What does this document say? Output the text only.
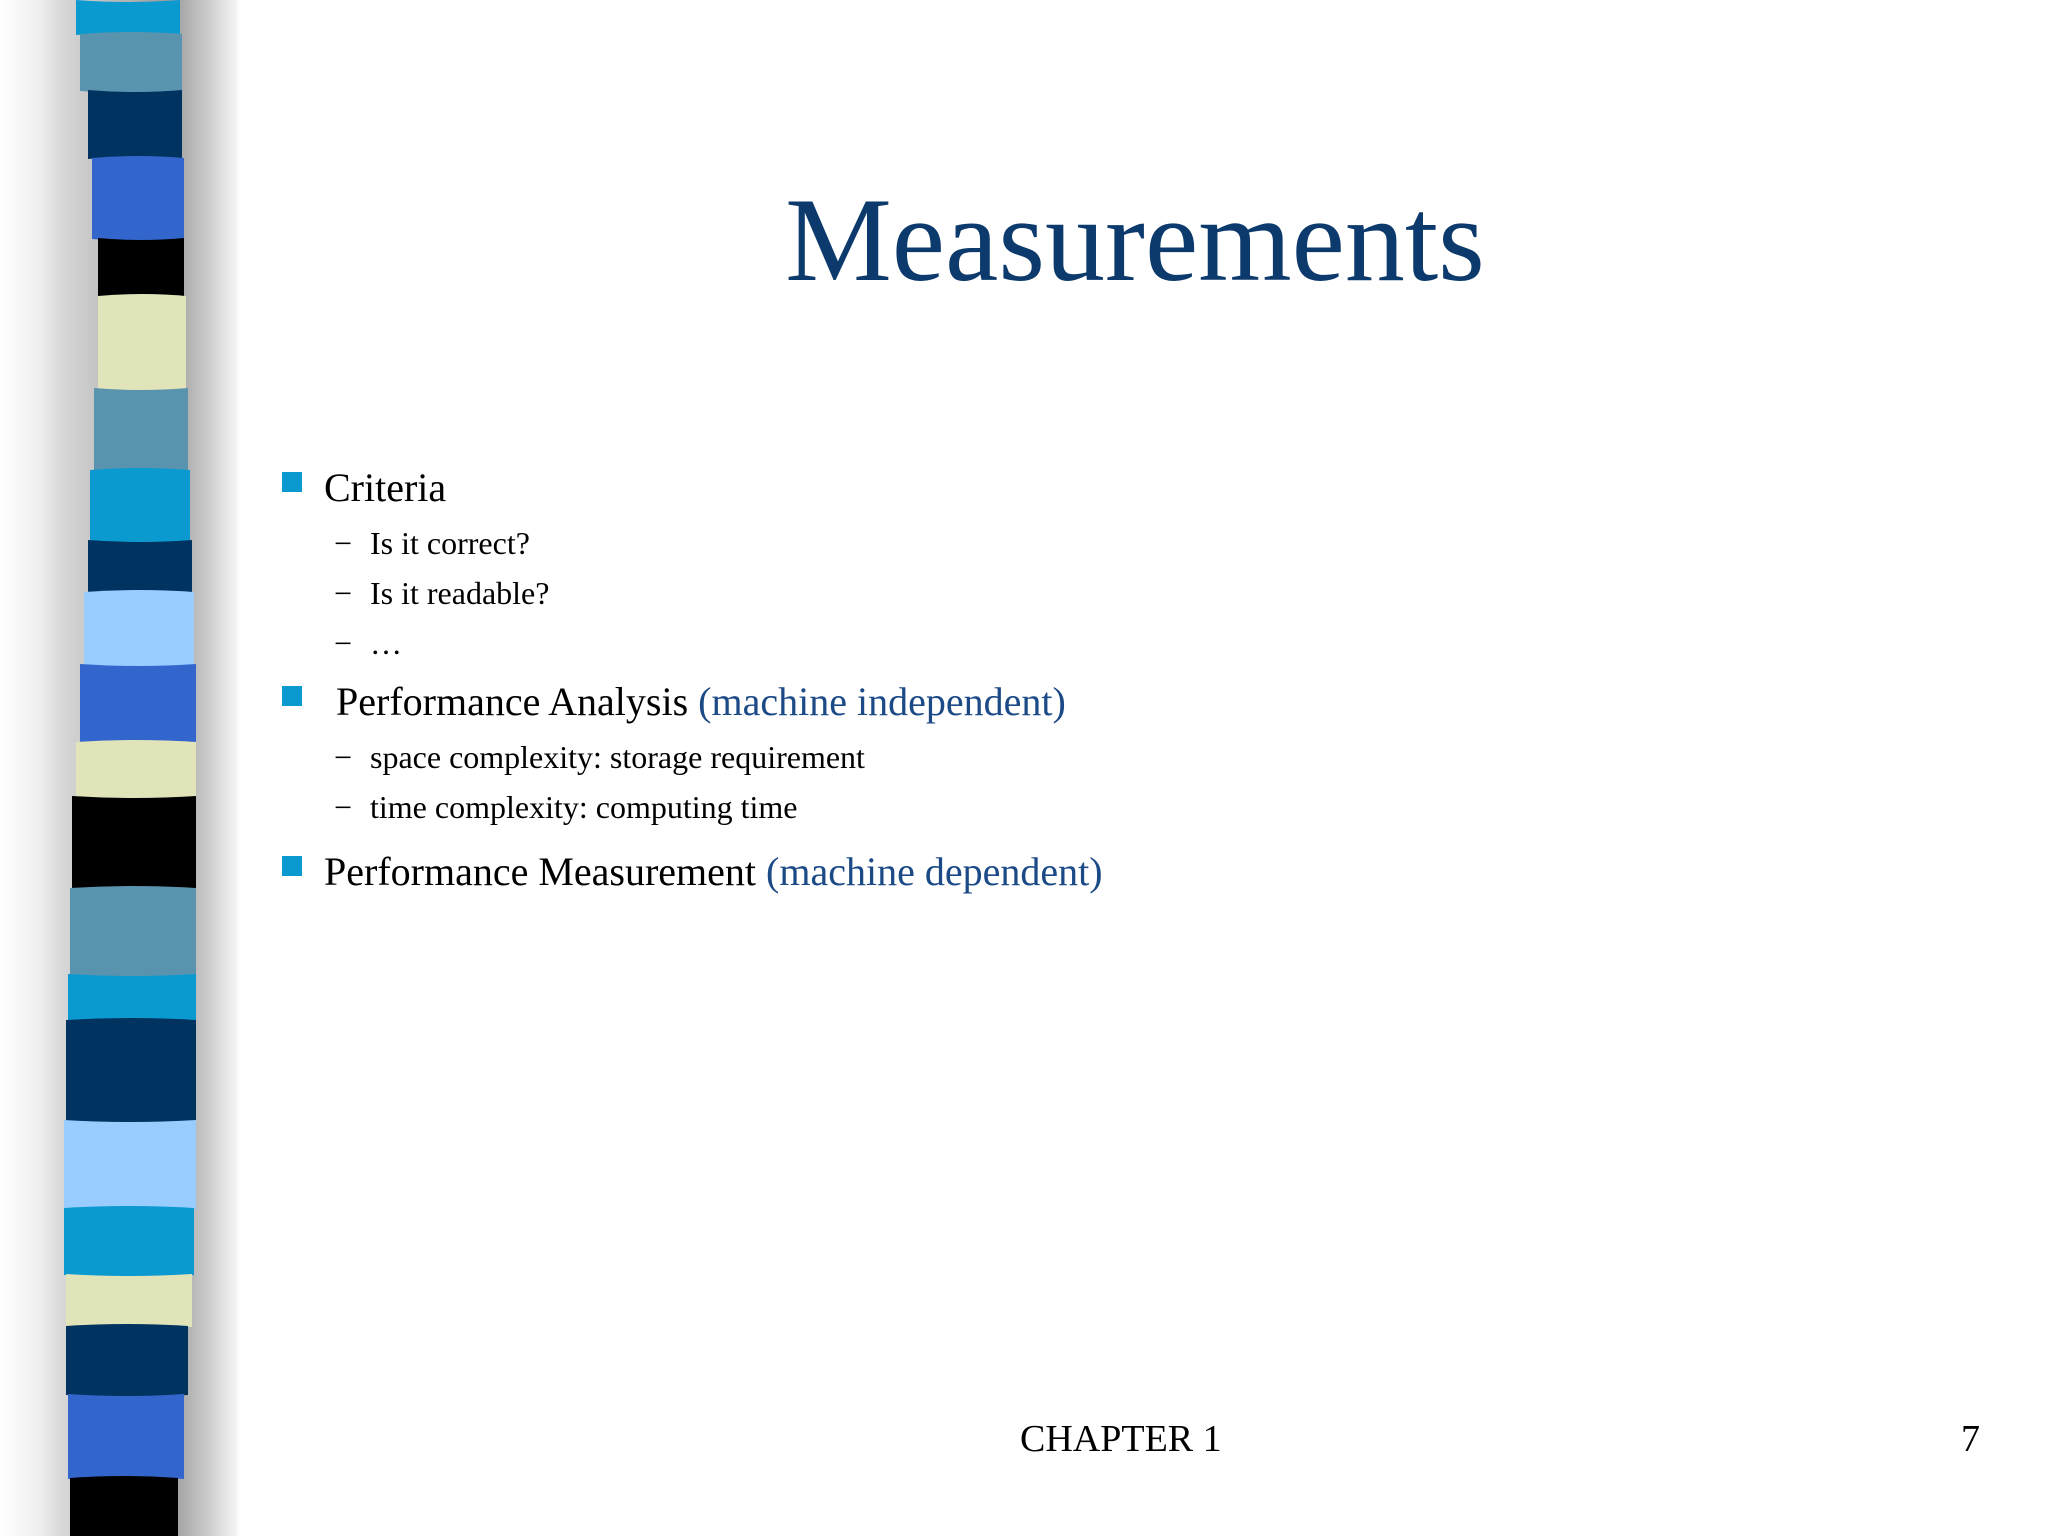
Measurements
Criteria
− Is it correct?
− Is it readable?
− …
Performance Analysis (machine independent)
− space complexity: storage requirement
− time complexity: computing time
Performance Measurement (machine dependent)
CHAPTER 1	7
